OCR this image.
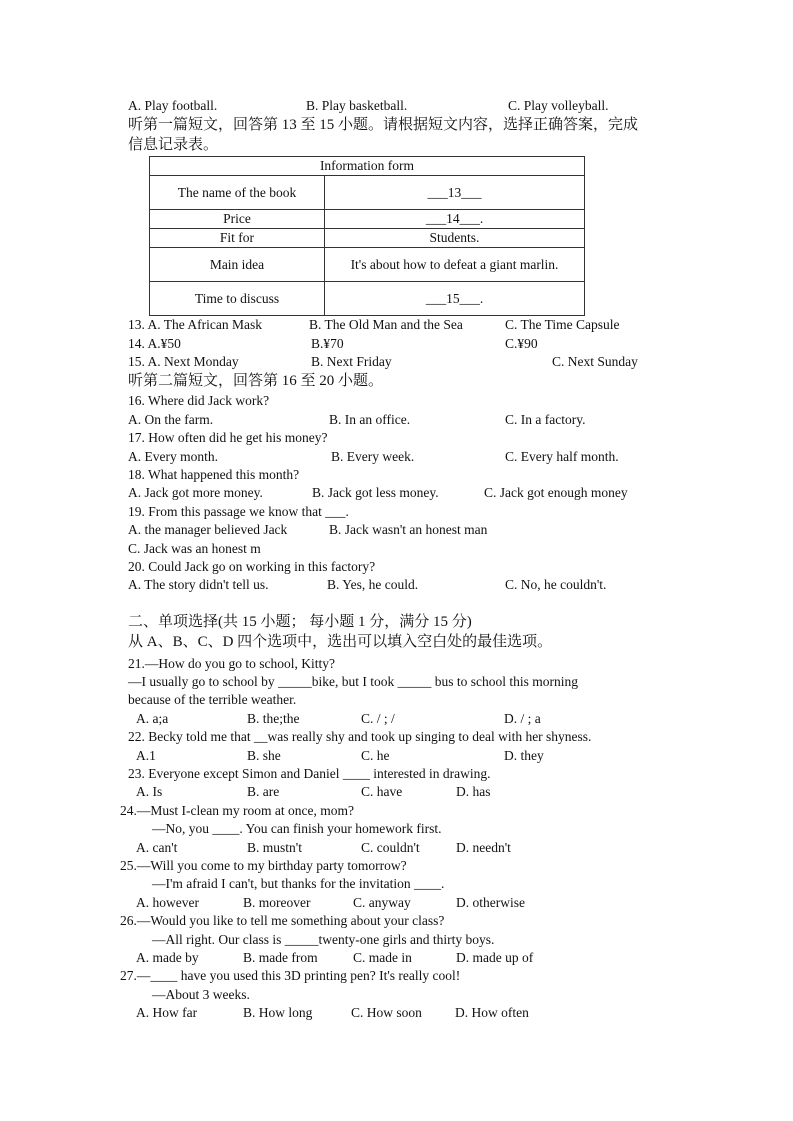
A. Play football.	B. Play basketball.	C. Play volleyball.
听第一篇短文，回答第 13 至 15 小题。请根据短文内容，选择正确答案，完成
信息记录表。
Information form	
The name of the book	___13___
Price	___14___.
Fit for	Students.
Main idea	It's about how to defeat a giant marlin.
Time to discuss	___15___.
13. A. The African Mask	B. The Old Man and the Sea	C. The Time Capsule
14. A.¥50	B.¥70	C.¥90
15. A. Next Monday	B. Next Friday	C. Next Sunday
听第二篇短文，回答第 16 至 20 小题。
16. Where did Jack work?
A. On the farm.	B. In an office.	C. In a factory.
17. How often did he get his money?
A. Every month.	B. Every week.	C. Every half month.
18. What happened this month?
A. Jack got more money.	B. Jack got less money.	C. Jack got enough money
19. From this passage we know that ___.
A. the manager believed Jack	B. Jack wasn't an honest man
C. Jack was an honest m
20. Could Jack go on working in this factory?
A. The story didn't tell us.	B. Yes, he could.	C. No, he couldn't.
二、单项选择(共 15 小题； 每小题 1 分，满分 15 分)
从 A、B、C、D 四个选项中，选出可以填入空白处的最佳选项。
21.—How do you go to school, Kitty?
—I usually go to school by _____bike, but I took _____ bus to school this morning
because of the terrible weather.
A. a;a	B. the;the	C. / ; /	D. / ; a
22. Becky told me that __was really shy and took up singing to deal with her shyness.
A.1	B. she	C. he	D. they
23. Everyone except Simon and Daniel ____ interested in drawing.
A. Is	B. are	C. have	D. has
24.—Must I-clean my room at once, mom?
—No, you ____. You can finish your homework first.
A. can't	B. mustn't	C. couldn't	D. needn't
25.—Will you come to my birthday party tomorrow?
—I'm afraid I can't, but thanks for the invitation ____.
A. however	B. moreover	C. anyway	D. otherwise
26.—Would you like to tell me something about your class?
—All right. Our class is _____twenty-one girls and thirty boys.
A. made by	B. made from	C. made in	D. made up of
27.—____ have you used this 3D printing pen? It's really cool!
—About 3 weeks.
A. How far	B. How long	C. How soon D. How often
